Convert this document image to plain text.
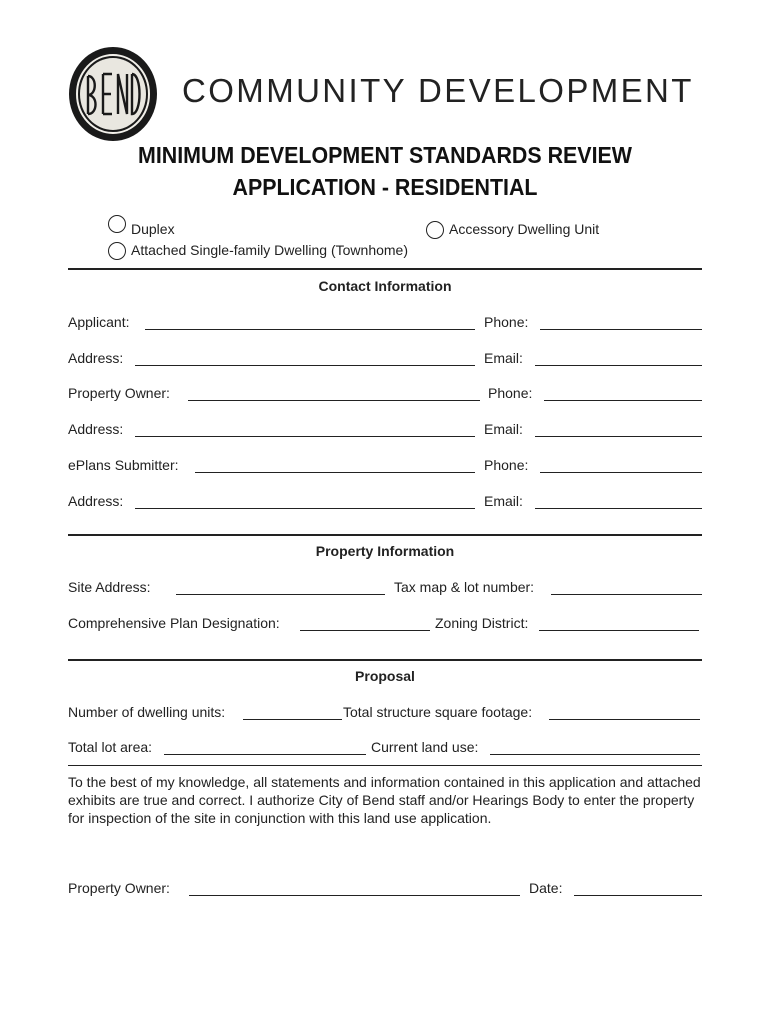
COMMUNITY DEVELOPMENT
MINIMUM DEVELOPMENT STANDARDS REVIEW
APPLICATION - RESIDENTIAL
Duplex	Accessory Dwelling Unit
Attached Single-family Dwelling (Townhome)
Contact Information
Applicant:	Phone:
Address:	Email:
Property Owner:	Phone:
Address:	Email:
ePlans Submitter:	Phone:
Address:	Email:
Property Information
Site Address:	Tax map & lot number:
Comprehensive Plan Designation:	Zoning District:
Proposal
Number of dwelling units:	Total structure square footage:
Total lot area:	Current land use:
To the best of my knowledge, all statements and information contained in this application and attached exhibits are true and correct. I authorize City of Bend staff and/or Hearings Body to enter the property for inspection of the site in conjunction with this land use application.
Property Owner:	Date:
